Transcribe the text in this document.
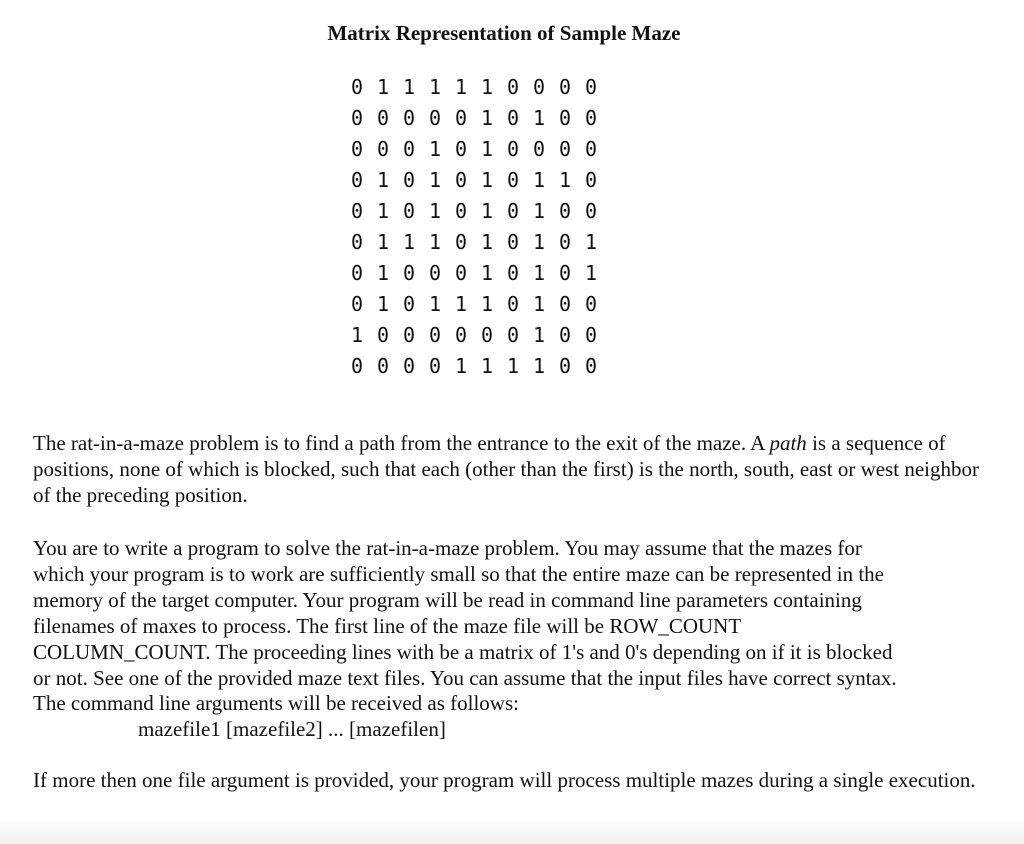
Matrix Representation of Sample Maze
0 1 1 1 1 1 0 0 0 0
0 0 0 0 0 1 0 1 0 0
0 0 0 1 0 1 0 0 0 0
0 1 0 1 0 1 0 1 1 0
0 1 0 1 0 1 0 1 0 0
0 1 1 1 0 1 0 1 0 1
0 1 0 0 0 1 0 1 0 1
0 1 0 1 1 1 0 1 0 0
1 0 0 0 0 0 0 1 0 0
0 0 0 0 1 1 1 1 0 0

The rat-in-a-maze problem is to find a path from the entrance to the exit of the maze. A path is a sequence of positions, none of which is blocked, such that each (other than the first) is the north, south, east or west neighbor of the preceding position.

You are to write a program to solve the rat-in-a-maze problem. You may assume that the mazes for
which your program is to work are sufficiently small so that the entire maze can be represented in the
memory of the target computer. Your program will be read in command line parameters containing
filenames of maxes to process. The first line of the maze file will be ROW_COUNT
COLUMN_COUNT. The proceeding lines with be a matrix of 1's and 0's depending on if it is blocked
or not. See one of the provided maze text files. You can assume that the input files have correct syntax.
The command line arguments will be received as follows:
mazefile1 [mazefile2] ... [mazefilen]

If more then one file argument is provided, your program will process multiple mazes during a single execution.
